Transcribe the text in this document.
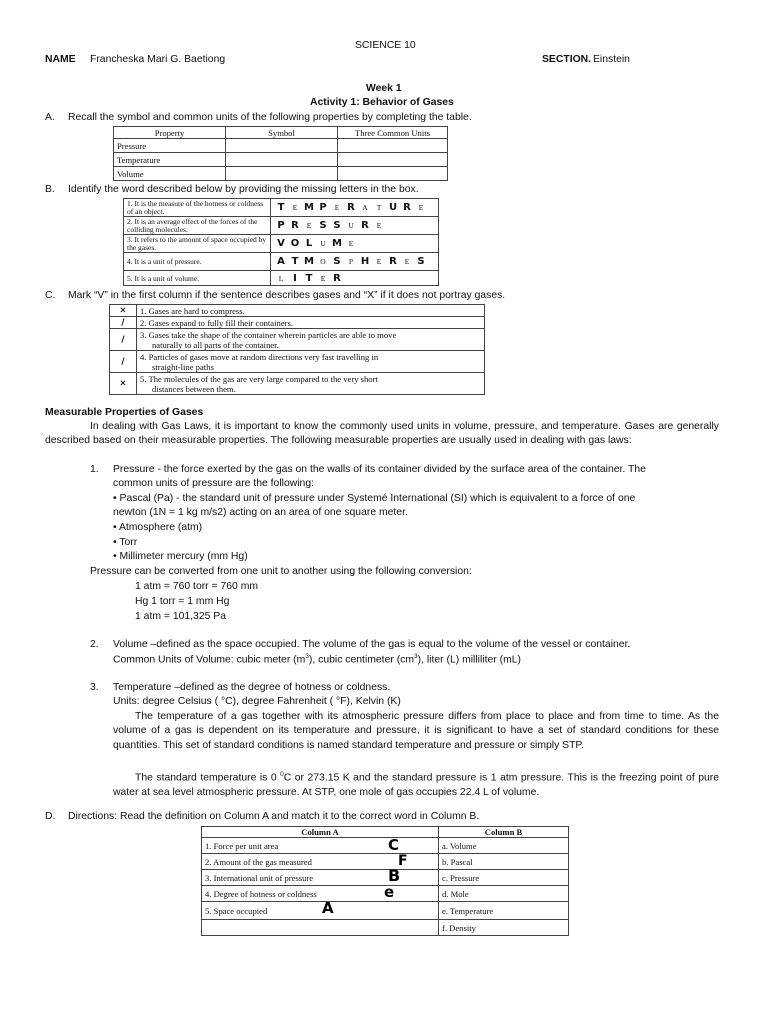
SCIENCE 10
NAME Francheska Mari G. Baetiong	SECTION. Einstein
Week 1
Activity 1: Behavior of Gases
A. Recall the symbol and common units of the following properties by completing the table.
Property	Symbol	Three Common Units
Pressure		
Temperature		
Volume		
B. Identify the word described below by providing the missing letters in the box.
1. It is the measure of the hotness or coldness of an object.	T E M P E R A T U R E
2. It is an average effect of the forces of the colliding molecules.	P R E S S U R E
3. It refers to the amount of space occupied by the gases.	V O L U M E
4. It is a unit of pressure.	A T M O S P H E R E S
5. It is a unit of volume.	L I T E R
C. Mark “V” in the first column if the sentence describes gases and “X” if it does not portray gases.
✕	1. Gases are hard to compress.

/	2. Gases expand to fully fill their containers.

/	3. Gases take the shape of the container wherein particles are able to move
naturally to all parts of the container.

/	4. Particles of gases move at random directions very fast travelling in
straight-line paths

✕	5. The molecules of the gas are very large compared to the very short
distances between them.
Measurable Properties of Gases
In dealing with Gas Laws, it is important to know the commonly used units in volume, pressure, and temperature. Gases are generally described based on their measurable properties. The following measurable properties are usually used in dealing with gas laws:
1. Pressure - the force exerted by the gas on the walls of its container divided by the surface area of the container. The
common units of pressure are the following:
• Pascal (Pa) - the standard unit of pressure under Systemé International (SI) which is equivalent to a force of one
newton (1N = 1 kg m/s2) acting on an area of one square meter.
• Atmosphere (atm)
• Torr
• Millimeter mercury (mm Hg)
Pressure can be converted from one unit to another using the following conversion:
1 atm = 760 torr = 760 mm
Hg 1 torr = 1 mm Hg
1 atm = 101,325 Pa
2. Volume –defined as the space occupied. The volume of the gas is equal to the volume of the vessel or container.
Common Units of Volume: cubic meter $(m^3)$, cubic centimeter $(cm^3)$, liter (L) milliliter (mL)
3. Temperature –defined as the degree of hotness or coldness.
Units: degree Celsius ( °C), degree Fahrenheit ( °F), Kelvin (K)
The temperature of a gas together with its atmospheric pressure differs from place to place and from time to time. As the volume of a gas is dependent on its temperature and pressure, it is significant to have a set of standard conditions for these quantities. This set of standard conditions is named standard temperature and pressure or simply STP.
The standard temperature is 0 $^0$C or 273.15 K and the standard pressure is 1 atm pressure. This is the freezing point of pure water at sea level atmospheric pressure. At STP, one mole of gas occupies 22.4 L of volume.
D. Directions: Read the definition on Column A and match it to the correct word in Column B.
Column A	Column B
1. Force per unit area C	a. Volume
2. Amount of the gas measured F	b. Pascal
3. International unit of pressure B	c. Pressure
4. Degree of hotness or coldness e	d. Mole
5. Space occupied A	e. Temperature
	f. Density
